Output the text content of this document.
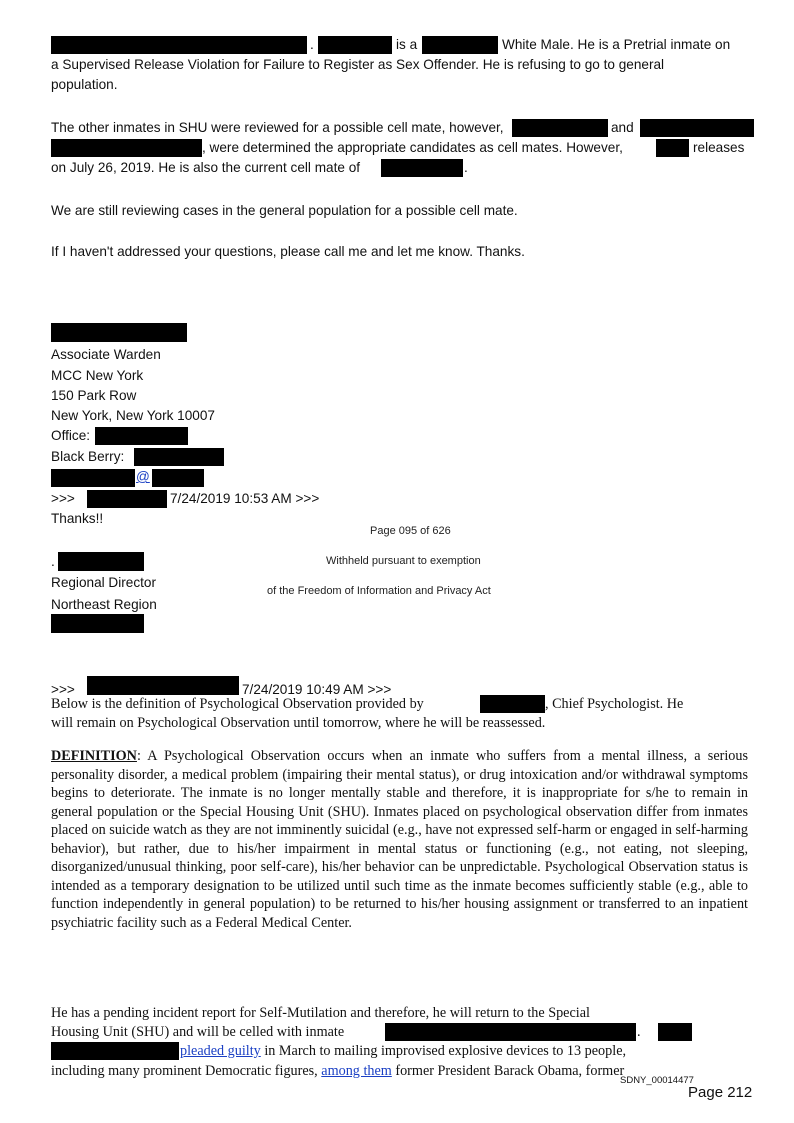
.	is a	White Male. He is a Pretrial inmate on
a Supervised Release Violation for Failure to Register as Sex Offender. He is refusing to go to general
population.
The other inmates in SHU were reviewed for a possible cell mate, however,	and
, were determined the appropriate candidates as cell mates. However,	releases
on July 26, 2019. He is also the current cell mate of	.
We are still reviewing cases in the general population for a possible cell mate.
If I haven't addressed your questions, please call me and let me know. Thanks.
Associate Warden
MCC New York
150 Park Row
New York, New York 10007
Office:
Black Berry:
@
>>>	7/24/2019 10:53 AM >>>
Thanks!!
Page 095 of 626
Withheld pursuant to exemption
of the Freedom of Information and Privacy Act
.
Regional Director
Northeast Region
>>>	7/24/2019 10:49 AM >>>
Below is the definition of Psychological Observation provided by	, Chief Psychologist. He
will remain on Psychological Observation until tomorrow, where he will be reassessed.
DEFINITION: A Psychological Observation occurs when an inmate who suffers from a mental illness, a serious personality disorder, a medical problem (impairing their mental status), or drug intoxication and/or withdrawal symptoms begins to deteriorate. The inmate is no longer mentally stable and therefore, it is inappropriate for s/he to remain in general population or the Special Housing Unit (SHU). Inmates placed on psychological observation differ from inmates placed on suicide watch as they are not imminently suicidal (e.g., have not expressed self-harm or engaged in self-harming behavior), but rather, due to his/her impairment in mental status or functioning (e.g., not eating, not sleeping, disorganized/unusual thinking, poor self-care), his/her behavior can be unpredictable. Psychological Observation status is intended as a temporary designation to be utilized until such time as the inmate becomes sufficiently stable (e.g., able to function independently in general population) to be returned to his/her housing assignment or transferred to an inpatient psychiatric facility such as a Federal Medical Center.
He has a pending incident report for Self-Mutilation and therefore, he will return to the Special
Housing Unit (SHU) and will be celled with inmate	.
pleaded guilty in March to mailing improvised explosive devices to 13 people,
including many prominent Democratic figures, among them former President Barack Obama, former
SDNY_00014477
Page 212
